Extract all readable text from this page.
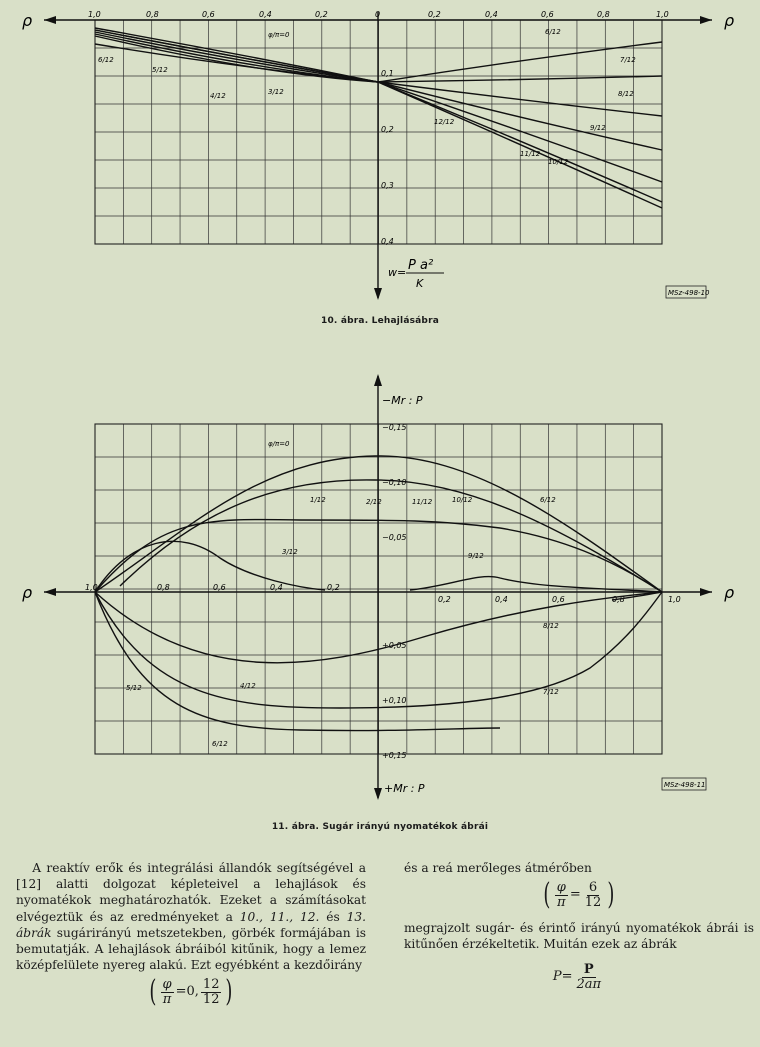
ρ	ρ
1,0	0,8	0,6	0,4	0,2	0	0,2	0,4	0,6	0,8	1,0
0,1
0,2
0,3
0,4
φ/π=0
6/12
5/12
4/12	3/12
12/12
11/12
10/12
9/12
8/12
7/12
6/12
w= P a²
K
MSz-498-10
10. ábra. Lehajlásábra
ρ	ρ
−Mr : P
+Mr : P
1,0	0,8	0,6	0,4	0,2
0,2	0,4	0,6	0,8	1,0
−0,15
−0,10
−0,05
+0,05
+0,10
+0,15
φ/π=0
1/12	2/12	11/12	10/12	6/12
3/12	9/12
8/12
4/12
5/12	7/12
6/12
MSz-498-11
11. ábra. Sugár irányú nyomatékok ábrái

A reaktív erők és integrálási állandók segítségével a [12] alatti dolgozat képleteivel a lehajlások és nyomatékok meghatározhatók. Ezeket a számításokat elvégeztük és az eredményeket a 10., 11., 12. és 13. ábrák sugárirányú metszetekben, görbék formájában is bemutatják. A lehajlások ábráiból kitűnik, hogy a lemez középfelülete nyereg alakú. Ezt egyébként a kezdőirány

( $\frac{\varphi}{\pi} =0$, $\frac{12}{12}$ )

és a reá merőleges átmérőben

( $\frac{\varphi}{\pi} = \frac{6}{12}$ )

megrajzolt sugár- és érintő irányú nyomatékok ábrái is kitűnően érzékeltetik. Muitán ezek az ábrák

$P = \frac{P}{2a\pi}$
